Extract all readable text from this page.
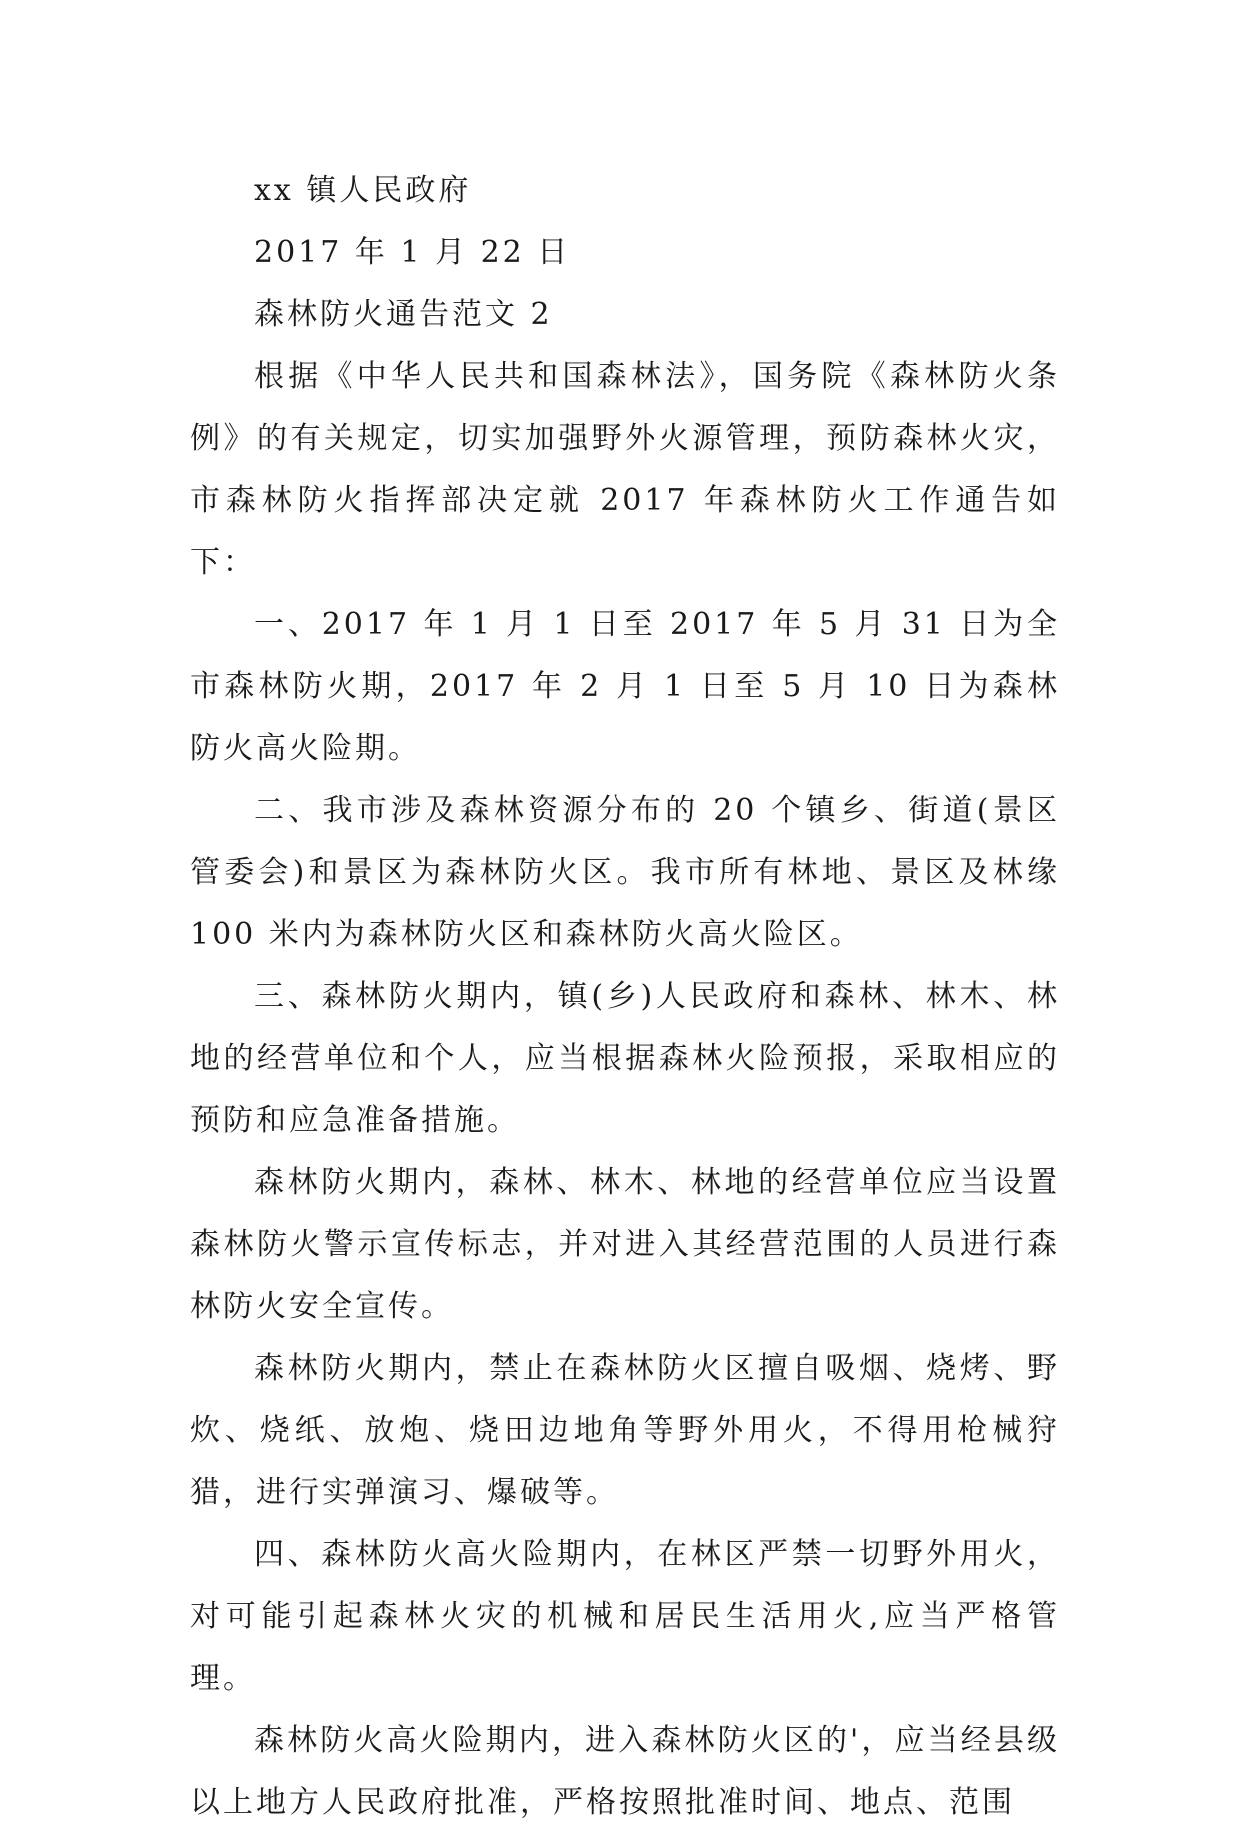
xx 镇人民政府

2017 年 1 月 22 日

森林防火通告范文 2

根据《中华人民共和国森林法》，国务院《森林防火条例》的有关规定，切实加强野外火源管理，预防森林火灾，市森林防火指挥部决定就 2017 年森林防火工作通告如下：

一、2017 年 1 月 1 日至 2017 年 5 月 31 日为全市森林防火期，2017 年 2 月 1 日至 5 月 10 日为森林防火高火险期。

二、我市涉及森林资源分布的 20 个镇乡、街道(景区管委会)和景区为森林防火区。我市所有林地、景区及林缘 100 米内为森林防火区和森林防火高火险区。

三、森林防火期内，镇(乡)人民政府和森林、林木、林地的经营单位和个人，应当根据森林火险预报，采取相应的预防和应急准备措施。

森林防火期内，森林、林木、林地的经营单位应当设置森林防火警示宣传标志，并对进入其经营范围的人员进行森林防火安全宣传。

森林防火期内，禁止在森林防火区擅自吸烟、烧烤、野炊、烧纸、放炮、烧田边地角等野外用火，不得用枪械狩猎，进行实弹演习、爆破等。

四、森林防火高火险期内，在林区严禁一切野外用火，对可能引起森林火灾的机械和居民生活用火,应当严格管理。

森林防火高火险期内，进入森林防火区的'，应当经县级以上地方人民政府批准，严格按照批准时间、地点、范围
